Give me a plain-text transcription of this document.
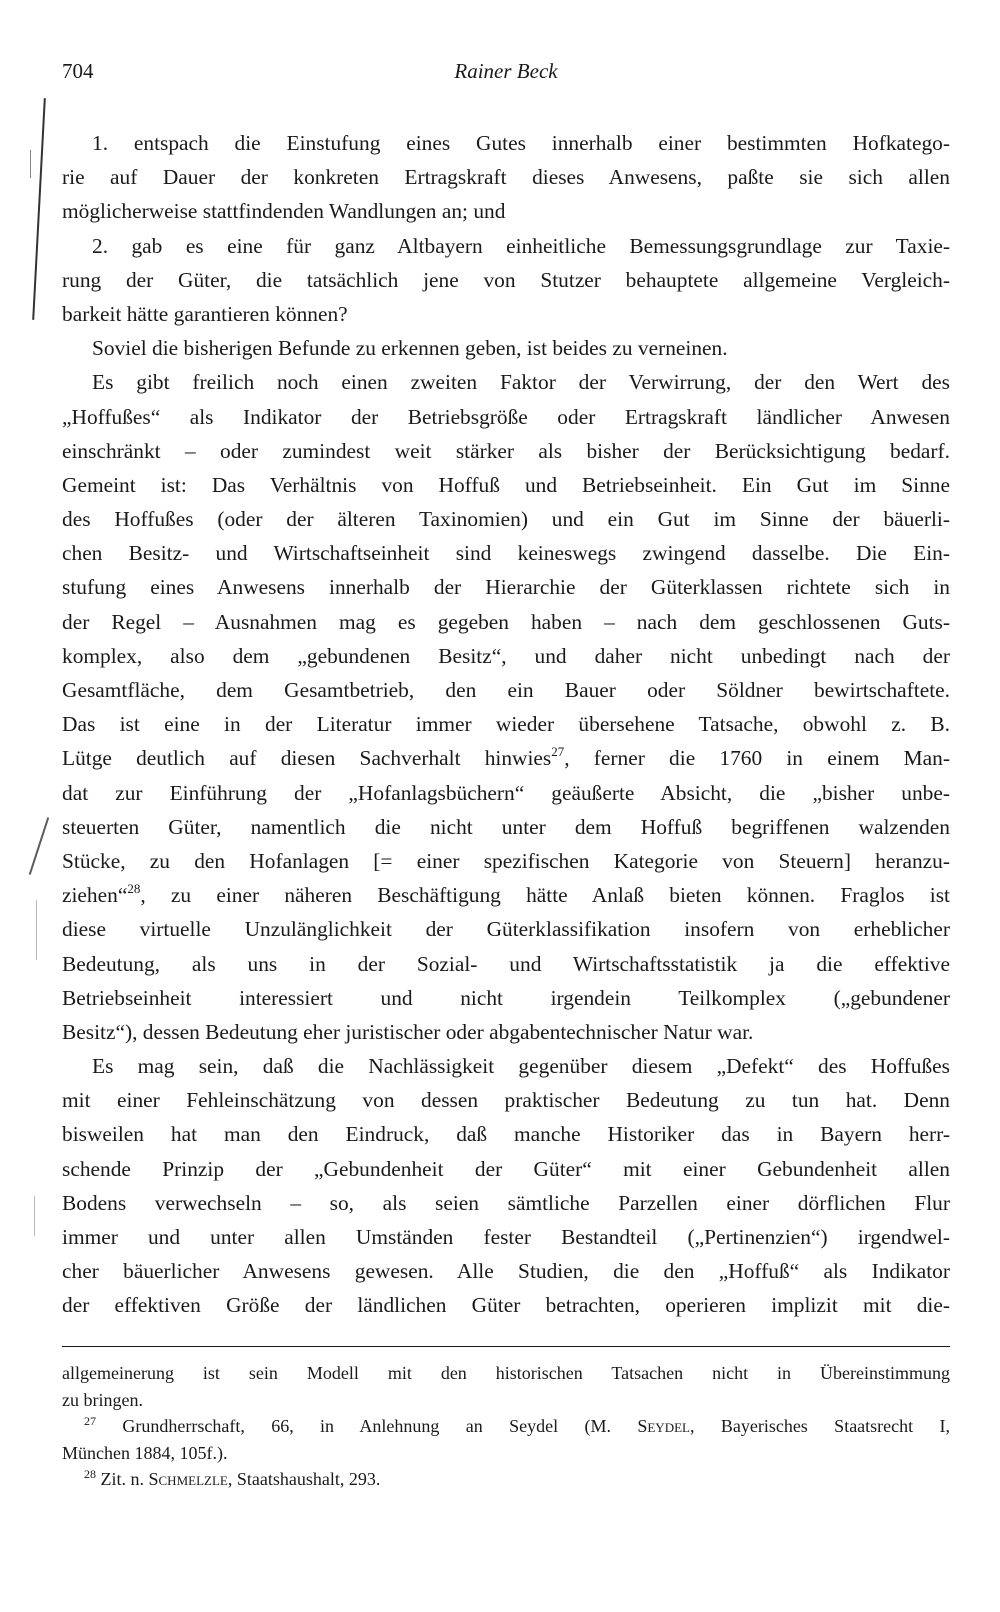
704	Rainer Beck
1. entspach die Einstufung eines Gutes innerhalb einer bestimmten Hofkatego-
rie auf Dauer der konkreten Ertragskraft dieses Anwesens, paßte sie sich allen
möglicherweise stattfindenden Wandlungen an; und
2. gab es eine für ganz Altbayern einheitliche Bemessungsgrundlage zur Taxie-
rung der Güter, die tatsächlich jene von Stutzer behauptete allgemeine Vergleich-
barkeit hätte garantieren können?
Soviel die bisherigen Befunde zu erkennen geben, ist beides zu verneinen.
Es gibt freilich noch einen zweiten Faktor der Verwirrung, der den Wert des
„Hoffußes“ als Indikator der Betriebsgröße oder Ertragskraft ländlicher Anwesen
einschränkt – oder zumindest weit stärker als bisher der Berücksichtigung bedarf.
Gemeint ist: Das Verhältnis von Hoffuß und Betriebseinheit. Ein Gut im Sinne
des Hoffußes (oder der älteren Taxinomien) und ein Gut im Sinne der bäuerli-
chen Besitz- und Wirtschaftseinheit sind keineswegs zwingend dasselbe. Die Ein-
stufung eines Anwesens innerhalb der Hierarchie der Güterklassen richtete sich in
der Regel – Ausnahmen mag es gegeben haben – nach dem geschlossenen Guts-
komplex, also dem „gebundenen Besitz“, und daher nicht unbedingt nach der
Gesamtfläche, dem Gesamtbetrieb, den ein Bauer oder Söldner bewirtschaftete.
Das ist eine in der Literatur immer wieder übersehene Tatsache, obwohl z. B.
Lütge deutlich auf diesen Sachverhalt hinwies$^{27}$, ferner die 1760 in einem Man-
dat zur Einführung der „Hofanlagsbüchern“ geäußerte Absicht, die „bisher unbe-
steuerten Güter, namentlich die nicht unter dem Hoffuß begriffenen walzenden
Stücke, zu den Hofanlagen [= einer spezifischen Kategorie von Steuern] heranzu-
ziehen“$^{28}$, zu einer näheren Beschäftigung hätte Anlaß bieten können. Fraglos ist
diese virtuelle Unzulänglichkeit der Güterklassifikation insofern von erheblicher
Bedeutung, als uns in der Sozial- und Wirtschaftsstatistik ja die effektive
Betriebseinheit interessiert und nicht irgendein Teilkomplex („gebundener
Besitz“), dessen Bedeutung eher juristischer oder abgabentechnischer Natur war.
Es mag sein, daß die Nachlässigkeit gegenüber diesem „Defekt“ des Hoffußes
mit einer Fehleinschätzung von dessen praktischer Bedeutung zu tun hat. Denn
bisweilen hat man den Eindruck, daß manche Historiker das in Bayern herr-
schende Prinzip der „Gebundenheit der Güter“ mit einer Gebundenheit allen
Bodens verwechseln – so, als seien sämtliche Parzellen einer dörflichen Flur
immer und unter allen Umständen fester Bestandteil („Pertinenzien“) irgendwel-
cher bäuerlicher Anwesens gewesen. Alle Studien, die den „Hoffuß“ als Indikator
der effektiven Größe der ländlichen Güter betrachten, operieren implizit mit die-
allgemeinerung ist sein Modell mit den historischen Tatsachen nicht in Übereinstimmung
zu bringen.
$^{27}$ Grundherrschaft, 66, in Anlehnung an Seydel (M. Seydel, Bayerisches Staatsrecht I,
München 1884, 105f.).
$^{28}$ Zit. n. Schmelzle, Staatshaushalt, 293.
